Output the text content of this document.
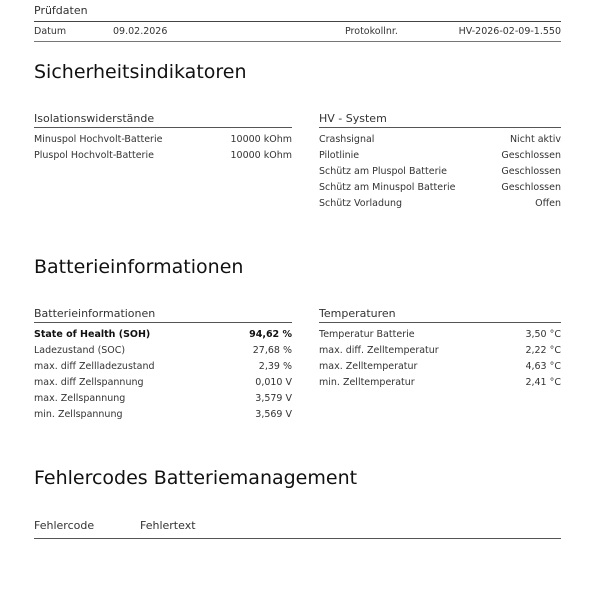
Prüfdaten
Datum	09.02.2026	Protokollnr.	HV-2026-02-09-1.550
Sicherheitsindikatoren
Isolationswiderstände
Minuspol Hochvolt-Batterie	10000 kOhm
Pluspol Hochvolt-Batterie	10000 kOhm
HV - System
Crashsignal	Nicht aktiv
Pilotlinie	Geschlossen
Schütz am Pluspol Batterie	Geschlossen
Schütz am Minuspol Batterie	Geschlossen
Schütz Vorladung	Offen
Batterieinformationen
Batterieinformationen
State of Health (SOH)	94,62 %
Ladezustand (SOC)	27,68 %
max. diff Zellladezustand	2,39 %
max. diff Zellspannung	0,010 V
max. Zellspannung	3,579 V
min. Zellspannung	3,569 V
Temperaturen
Temperatur Batterie	3,50 °C
max. diff. Zelltemperatur	2,22 °C
max. Zelltemperatur	4,63 °C
min. Zelltemperatur	2,41 °C
Fehlercodes Batteriemanagement
Fehlercode	Fehlertext
